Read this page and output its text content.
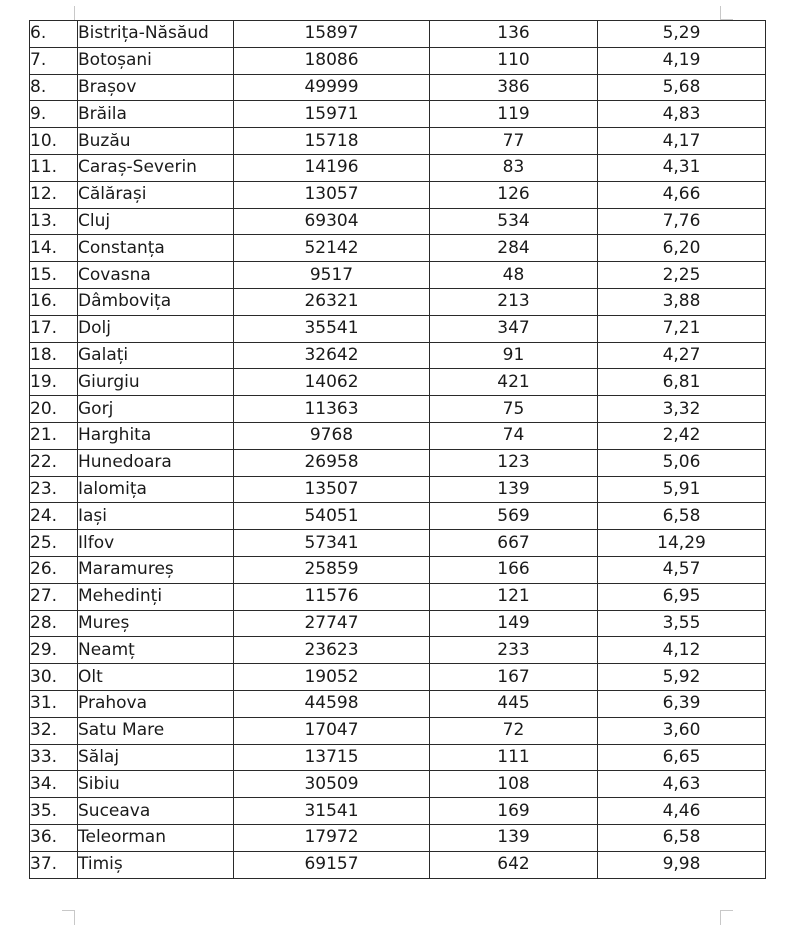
6.	Bistrița-Năsăud	15897	136	5,29
7.	Botoșani	18086	110	4,19
8.	Brașov	49999	386	5,68
9.	Brăila	15971	119	4,83
10.	Buzău	15718	77	4,17
11.	Caraș-Severin	14196	83	4,31
12.	Călărași	13057	126	4,66
13.	Cluj	69304	534	7,76
14.	Constanța	52142	284	6,20
15.	Covasna	9517	48	2,25
16.	Dâmbovița	26321	213	3,88
17.	Dolj	35541	347	7,21
18.	Galați	32642	91	4,27
19.	Giurgiu	14062	421	6,81
20.	Gorj	11363	75	3,32
21.	Harghita	9768	74	2,42
22.	Hunedoara	26958	123	5,06
23.	Ialomița	13507	139	5,91
24.	Iași	54051	569	6,58
25.	Ilfov	57341	667	14,29
26.	Maramureș	25859	166	4,57
27.	Mehedinți	11576	121	6,95
28.	Mureș	27747	149	3,55
29.	Neamț	23623	233	4,12
30.	Olt	19052	167	5,92
31.	Prahova	44598	445	6,39
32.	Satu Mare	17047	72	3,60
33.	Sălaj	13715	111	6,65
34.	Sibiu	30509	108	4,63
35.	Suceava	31541	169	4,46
36.	Teleorman	17972	139	6,58
37.	Timiș	69157	642	9,98
